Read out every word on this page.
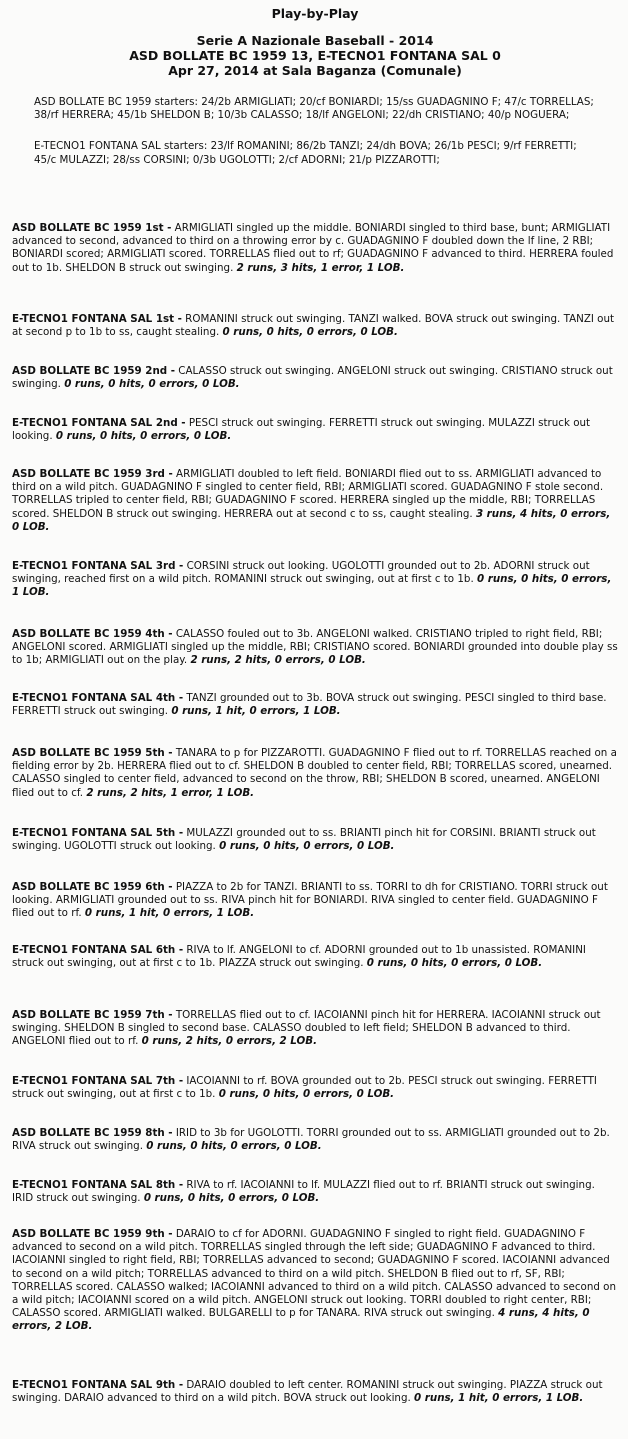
Play-by-Play
Serie A Nazionale Baseball - 2014
ASD BOLLATE BC 1959 13, E-TECNO1 FONTANA SAL 0
Apr 27, 2014 at Sala Baganza (Comunale)

ASD BOLLATE BC 1959 starters: 24/2b ARMIGLIATI; 20/cf BONIARDI; 15/ss GUADAGNINO F; 47/c TORRELLAS; 38/rf HERRERA; 45/1b SHELDON B; 10/3b CALASSO; 18/lf ANGELONI; 22/dh CRISTIANO; 40/p NOGUERA;

E-TECNO1 FONTANA SAL starters: 23/lf ROMANINI; 86/2b TANZI; 24/dh BOVA; 26/1b PESCI; 9/rf FERRETTI; 45/c MULAZZI; 28/ss CORSINI; 0/3b UGOLOTTI; 2/cf ADORNI; 21/p PIZZAROTTI;

ASD BOLLATE BC 1959 1st - ARMIGLIATI singled up the middle. BONIARDI singled to third base, bunt; ARMIGLIATI advanced to second, advanced to third on a throwing error by c. GUADAGNINO F doubled down the lf line, 2 RBI; BONIARDI scored; ARMIGLIATI scored. TORRELLAS flied out to rf; GUADAGNINO F advanced to third. HERRERA fouled out to 1b. SHELDON B struck out swinging. 2 runs, 3 hits, 1 error, 1 LOB.

E-TECNO1 FONTANA SAL 1st - ROMANINI struck out swinging. TANZI walked. BOVA struck out swinging. TANZI out at second p to 1b to ss, caught stealing. 0 runs, 0 hits, 0 errors, 0 LOB.

ASD BOLLATE BC 1959 2nd - CALASSO struck out swinging. ANGELONI struck out swinging. CRISTIANO struck out swinging. 0 runs, 0 hits, 0 errors, 0 LOB.

E-TECNO1 FONTANA SAL 2nd - PESCI struck out swinging. FERRETTI struck out swinging. MULAZZI struck out looking. 0 runs, 0 hits, 0 errors, 0 LOB.

ASD BOLLATE BC 1959 3rd - ARMIGLIATI doubled to left field. BONIARDI flied out to ss. ARMIGLIATI advanced to third on a wild pitch. GUADAGNINO F singled to center field, RBI; ARMIGLIATI scored. GUADAGNINO F stole second. TORRELLAS tripled to center field, RBI; GUADAGNINO F scored. HERRERA singled up the middle, RBI; TORRELLAS scored. SHELDON B struck out swinging. HERRERA out at second c to ss, caught stealing. 3 runs, 4 hits, 0 errors, 0 LOB.

E-TECNO1 FONTANA SAL 3rd - CORSINI struck out looking. UGOLOTTI grounded out to 2b. ADORNI struck out swinging, reached first on a wild pitch. ROMANINI struck out swinging, out at first c to 1b. 0 runs, 0 hits, 0 errors, 1 LOB.

ASD BOLLATE BC 1959 4th - CALASSO fouled out to 3b. ANGELONI walked. CRISTIANO tripled to right field, RBI; ANGELONI scored. ARMIGLIATI singled up the middle, RBI; CRISTIANO scored. BONIARDI grounded into double play ss to 1b; ARMIGLIATI out on the play. 2 runs, 2 hits, 0 errors, 0 LOB.

E-TECNO1 FONTANA SAL 4th - TANZI grounded out to 3b. BOVA struck out swinging. PESCI singled to third base. FERRETTI struck out swinging. 0 runs, 1 hit, 0 errors, 1 LOB.

ASD BOLLATE BC 1959 5th - TANARA to p for PIZZAROTTI. GUADAGNINO F flied out to rf. TORRELLAS reached on a fielding error by 2b. HERRERA flied out to cf. SHELDON B doubled to center field, RBI; TORRELLAS scored, unearned. CALASSO singled to center field, advanced to second on the throw, RBI; SHELDON B scored, unearned. ANGELONI flied out to cf. 2 runs, 2 hits, 1 error, 1 LOB.

E-TECNO1 FONTANA SAL 5th - MULAZZI grounded out to ss. BRIANTI pinch hit for CORSINI. BRIANTI struck out swinging. UGOLOTTI struck out looking. 0 runs, 0 hits, 0 errors, 0 LOB.

ASD BOLLATE BC 1959 6th - PIAZZA to 2b for TANZI. BRIANTI to ss. TORRI to dh for CRISTIANO. TORRI struck out looking. ARMIGLIATI grounded out to ss. RIVA pinch hit for BONIARDI. RIVA singled to center field. GUADAGNINO F flied out to rf. 0 runs, 1 hit, 0 errors, 1 LOB.

E-TECNO1 FONTANA SAL 6th - RIVA to lf. ANGELONI to cf. ADORNI grounded out to 1b unassisted. ROMANINI struck out swinging, out at first c to 1b. PIAZZA struck out swinging. 0 runs, 0 hits, 0 errors, 0 LOB.

ASD BOLLATE BC 1959 7th - TORRELLAS flied out to cf. IACOIANNI pinch hit for HERRERA. IACOIANNI struck out swinging. SHELDON B singled to second base. CALASSO doubled to left field; SHELDON B advanced to third. ANGELONI flied out to rf. 0 runs, 2 hits, 0 errors, 2 LOB.

E-TECNO1 FONTANA SAL 7th - IACOIANNI to rf. BOVA grounded out to 2b. PESCI struck out swinging. FERRETTI struck out swinging, out at first c to 1b. 0 runs, 0 hits, 0 errors, 0 LOB.

ASD BOLLATE BC 1959 8th - IRID to 3b for UGOLOTTI. TORRI grounded out to ss. ARMIGLIATI grounded out to 2b. RIVA struck out swinging. 0 runs, 0 hits, 0 errors, 0 LOB.

E-TECNO1 FONTANA SAL 8th - RIVA to rf. IACOIANNI to lf. MULAZZI flied out to rf. BRIANTI struck out swinging. IRID struck out swinging. 0 runs, 0 hits, 0 errors, 0 LOB.

ASD BOLLATE BC 1959 9th - DARAIO to cf for ADORNI. GUADAGNINO F singled to right field. GUADAGNINO F advanced to second on a wild pitch. TORRELLAS singled through the left side; GUADAGNINO F advanced to third. IACOIANNI singled to right field, RBI; TORRELLAS advanced to second; GUADAGNINO F scored. IACOIANNI advanced to second on a wild pitch; TORRELLAS advanced to third on a wild pitch. SHELDON B flied out to rf, SF, RBI; TORRELLAS scored. CALASSO walked; IACOIANNI advanced to third on a wild pitch. CALASSO advanced to second on a wild pitch; IACOIANNI scored on a wild pitch. ANGELONI struck out looking. TORRI doubled to right center, RBI; CALASSO scored. ARMIGLIATI walked. BULGARELLI to p for TANARA. RIVA struck out swinging. 4 runs, 4 hits, 0 errors, 2 LOB.

E-TECNO1 FONTANA SAL 9th - DARAIO doubled to left center. ROMANINI struck out swinging. PIAZZA struck out swinging. DARAIO advanced to third on a wild pitch. BOVA struck out looking. 0 runs, 1 hit, 0 errors, 1 LOB.
